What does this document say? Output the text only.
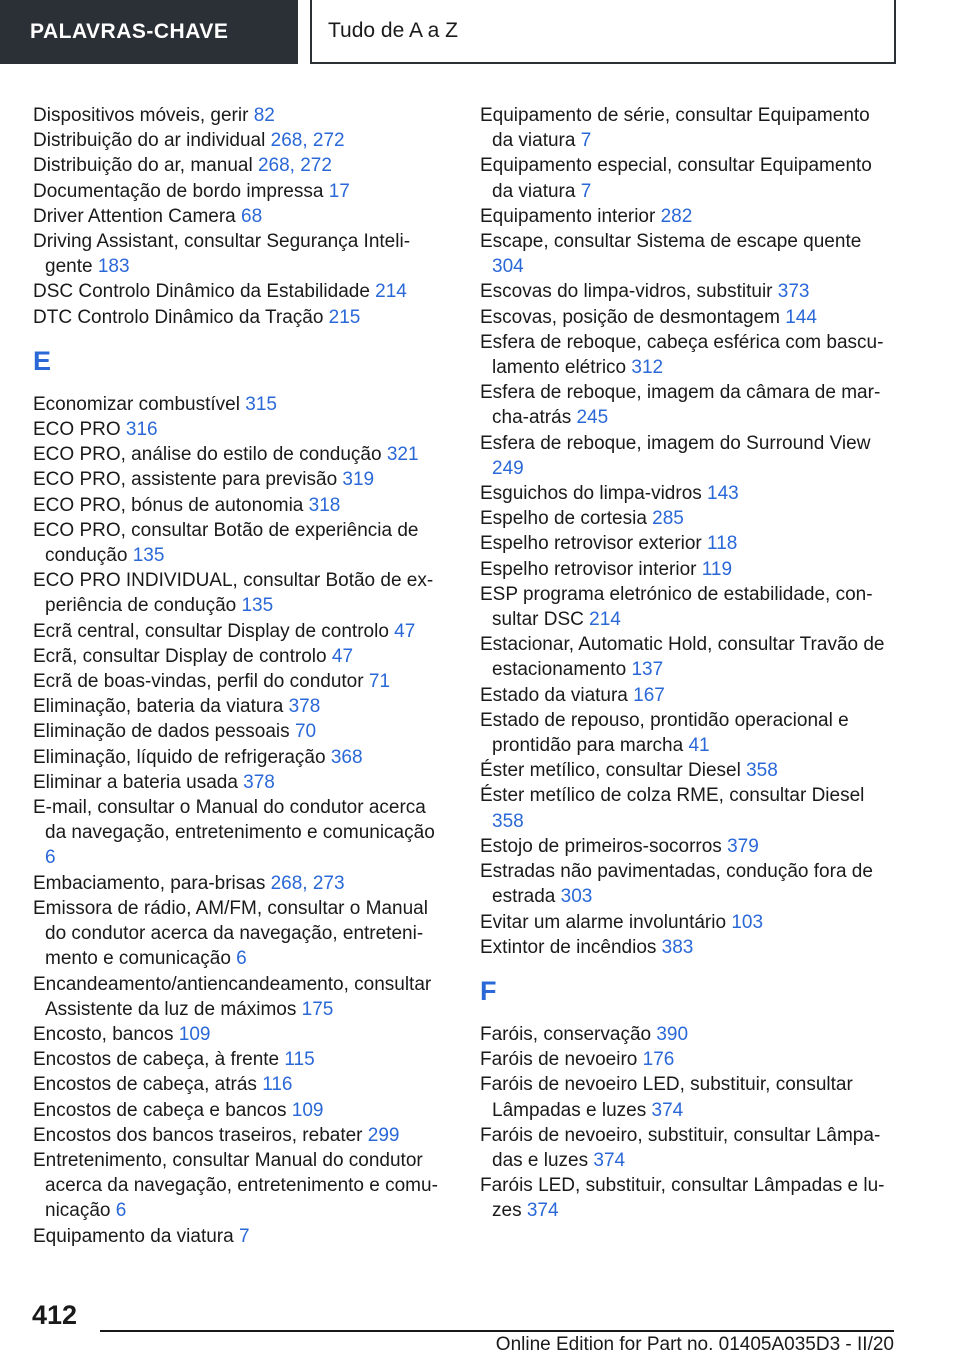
PALAVRAS-CHAVE	Tudo de A a Z

Dispositivos móveis, gerir 82

Distribuição do ar individual 268, 272

Distribuição do ar, manual 268, 272

Documentação de bordo impressa 17

Driver Attention Camera 68

Driving Assistant, consultar Segurança Inteligente 183

DSC Controlo Dinâmico da Estabilidade 214

DTC Controlo Dinâmico da Tração 215

E

Economizar combustível 315

ECO PRO 316

ECO PRO, análise do estilo de condução 321

ECO PRO, assistente para previsão 319

ECO PRO, bónus de autonomia 318

ECO PRO, consultar Botão de experiência de condução 135

ECO PRO INDIVIDUAL, consultar Botão de experiência de condução 135

Ecrã central, consultar Display de controlo 47

Ecrã, consultar Display de controlo 47

Ecrã de boas-vindas, perfil do condutor 71

Eliminação, bateria da viatura 378

Eliminação de dados pessoais 70

Eliminação, líquido de refrigeração 368

Eliminar a bateria usada 378

E-mail, consultar o Manual do condutor acerca da navegação, entretenimento e comunicação 6

Embaciamento, para-brisas 268, 273

Emissora de rádio, AM/FM, consultar o Manual do condutor acerca da navegação, entretenimento e comunicação 6

Encandeamento/antiencandeamento, consultar Assistente da luz de máximos 175

Encosto, bancos 109

Encostos de cabeça, à frente 115

Encostos de cabeça, atrás 116

Encostos de cabeça e bancos 109

Encostos dos bancos traseiros, rebater 299

Entretenimento, consultar Manual do condutor acerca da navegação, entretenimento e comunicação 6

Equipamento da viatura 7

Equipamento de série, consultar Equipamento da viatura 7

Equipamento especial, consultar Equipamento da viatura 7

Equipamento interior 282

Escape, consultar Sistema de escape quente 304

Escovas do limpa-vidros, substituir 373

Escovas, posição de desmontagem 144

Esfera de reboque, cabeça esférica com basculamento elétrico 312

Esfera de reboque, imagem da câmara de marcha-atrás 245

Esfera de reboque, imagem do Surround View 249

Esguichos do limpa-vidros 143

Espelho de cortesia 285

Espelho retrovisor exterior 118

Espelho retrovisor interior 119

ESP programa eletrónico de estabilidade, consultar DSC 214

Estacionar, Automatic Hold, consultar Travão de estacionamento 137

Estado da viatura 167

Estado de repouso, prontidão operacional e prontidão para marcha 41

Éster metílico, consultar Diesel 358

Éster metílico de colza RME, consultar Diesel 358

Estojo de primeiros-socorros 379

Estradas não pavimentadas, condução fora de estrada 303

Evitar um alarme involuntário 103

Extintor de incêndios 383

F

Faróis, conservação 390

Faróis de nevoeiro 176

Faróis de nevoeiro LED, substituir, consultar Lâmpadas e luzes 374

Faróis de nevoeiro, substituir, consultar Lâmpadas e luzes 374

Faróis LED, substituir, consultar Lâmpadas e luzes 374

412
Online Edition for Part no. 01405A035D3 - II/20
